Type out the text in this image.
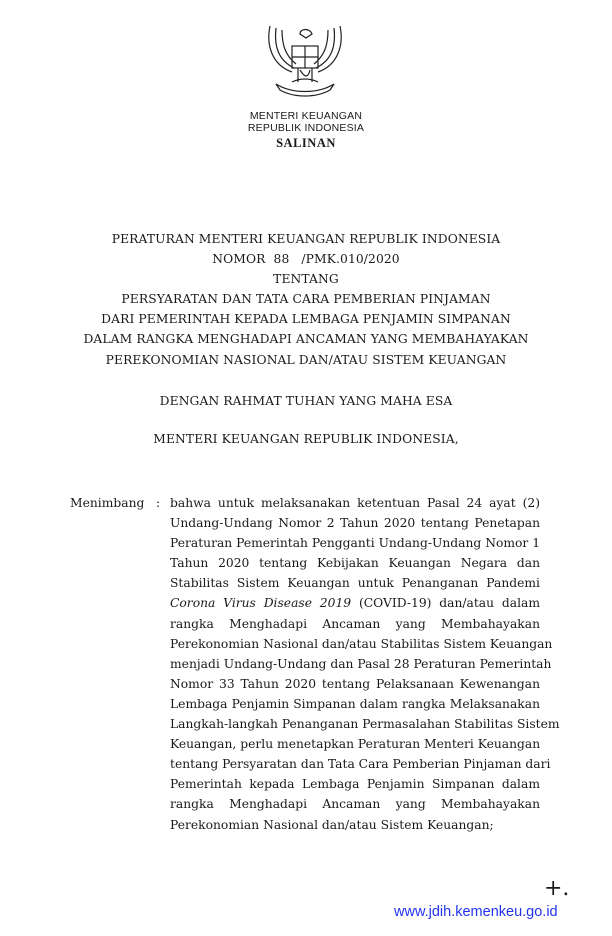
MENTERI KEUANGAN
REPUBLIK INDONESIA
SALINAN
PERATURAN MENTERI KEUANGAN REPUBLIK INDONESIA
NOMOR  88   /PMK.010/2020
TENTANG
PERSYARATAN DAN TATA CARA PEMBERIAN PINJAMAN
DARI PEMERINTAH KEPADA LEMBAGA PENJAMIN SIMPANAN
DALAM RANGKA MENGHADAPI ANCAMAN YANG MEMBAHAYAKAN
PEREKONOMIAN NASIONAL DAN/ATAU SISTEM KEUANGAN
DENGAN RAHMAT TUHAN YANG MAHA ESA
MENTERI KEUANGAN REPUBLIK INDONESIA,
Menimbang : bahwa untuk melaksanakan ketentuan Pasal 24 ayat (2)
Undang-Undang Nomor 2 Tahun 2020 tentang Penetapan
Peraturan Pemerintah Pengganti Undang-Undang Nomor 1
Tahun 2020 tentang Kebijakan Keuangan Negara dan
Stabilitas Sistem Keuangan untuk Penanganan Pandemi
Corona Virus Disease 2019 (COVID-19) dan/atau dalam
rangka Menghadapi Ancaman yang Membahayakan
Perekonomian Nasional dan/atau Stabilitas Sistem Keuangan
menjadi Undang-Undang dan Pasal 28 Peraturan Pemerintah
Nomor 33 Tahun 2020 tentang Pelaksanaan Kewenangan
Lembaga Penjamin Simpanan dalam rangka Melaksanakan
Langkah-langkah Penanganan Permasalahan Stabilitas Sistem
Keuangan, perlu menetapkan Peraturan Menteri Keuangan
tentang Persyaratan dan Tata Cara Pemberian Pinjaman dari
Pemerintah kepada Lembaga Penjamin Simpanan dalam
rangka Menghadapi Ancaman yang Membahayakan
Perekonomian Nasional dan/atau Sistem Keuangan;
+.
www.jdih.kemenkeu.go.id
